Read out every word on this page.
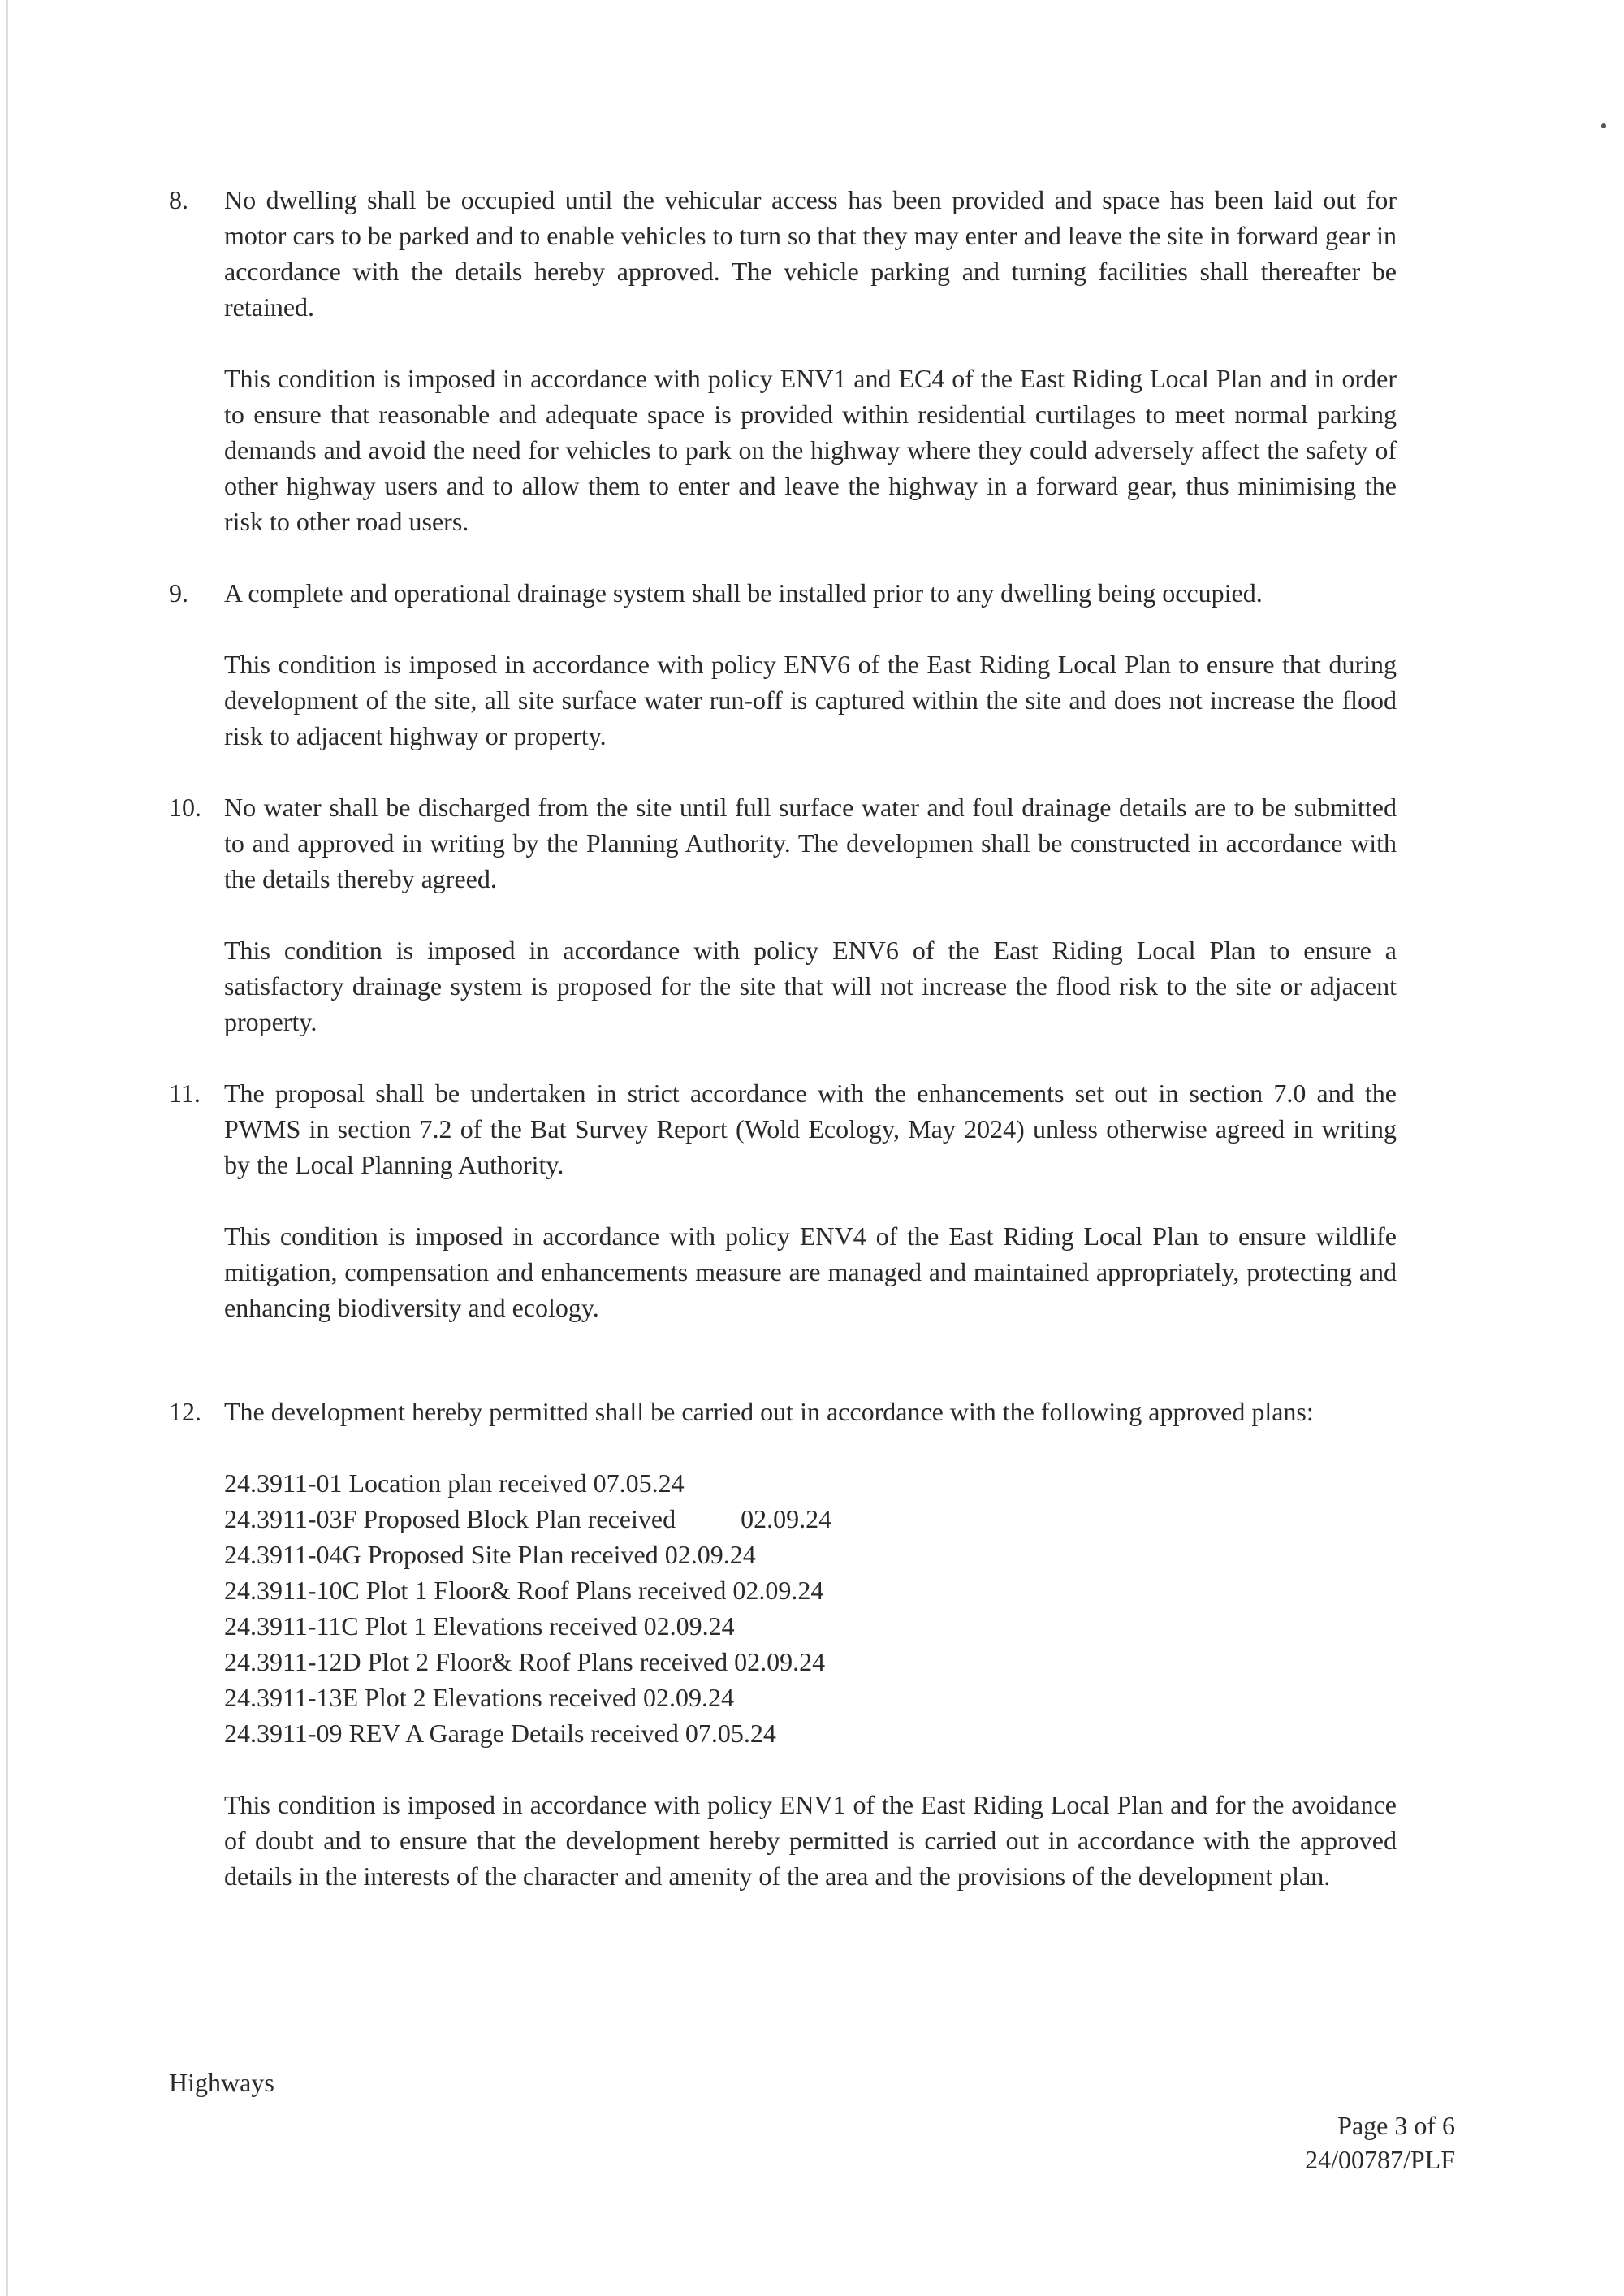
8.	No dwelling shall be occupied until the vehicular access has been provided and space has been laid out for motor cars to be parked and to enable vehicles to turn so that they may enter and leave the site in forward gear in accordance with the details hereby approved. The vehicle parking and turning facilities shall thereafter be retained.

This condition is imposed in accordance with policy ENV1 and EC4 of the East Riding Local Plan and in order to ensure that reasonable and adequate space is provided within residential curtilages to meet normal parking demands and avoid the need for vehicles to park on the highway where they could adversely affect the safety of other highway users and to allow them to enter and leave the highway in a forward gear, thus minimising the risk to other road users.

9.	A complete and operational drainage system shall be installed prior to any dwelling being occupied.

This condition is imposed in accordance with policy ENV6 of the East Riding Local Plan to ensure that during development of the site, all site surface water run-off is captured within the site and does not increase the flood risk to adjacent highway or property.

10. No water shall be discharged from the site until full surface water and foul drainage details are to be submitted to and approved in writing by the Planning Authority. The developmen shall be constructed in accordance with the details thereby agreed.

This condition is imposed in accordance with policy ENV6 of the East Riding Local Plan to ensure a satisfactory drainage system is proposed for the site that will not increase the flood risk to the site or adjacent property.

11. The proposal shall be undertaken in strict accordance with the enhancements set out in section 7.0 and the PWMS in section 7.2 of the Bat Survey Report (Wold Ecology, May 2024) unless otherwise agreed in writing by the Local Planning Authority.

This condition is imposed in accordance with policy ENV4 of the East Riding Local Plan to ensure wildlife mitigation, compensation and enhancements measure are managed and maintained appropriately, protecting and enhancing biodiversity and ecology.

12. The development hereby permitted shall be carried out in accordance with the following approved plans:

24.3911-01 Location plan received 07.05.24
24.3911-03F Proposed Block Plan received          02.09.24
24.3911-04G Proposed Site Plan received 02.09.24
24.3911-10C Plot 1 Floor& Roof Plans received 02.09.24
24.3911-11C Plot 1 Elevations received 02.09.24
24.3911-12D Plot 2 Floor& Roof Plans received 02.09.24
24.3911-13E Plot 2 Elevations received 02.09.24
24.3911-09 REV A Garage Details received 07.05.24

This condition is imposed in accordance with policy ENV1 of the East Riding Local Plan and for the avoidance of doubt and to ensure that the development hereby permitted is carried out in accordance with the approved details in the interests of the character and amenity of the area and the provisions of the development plan.

Highways
Page 3 of 6
24/00787/PLF
